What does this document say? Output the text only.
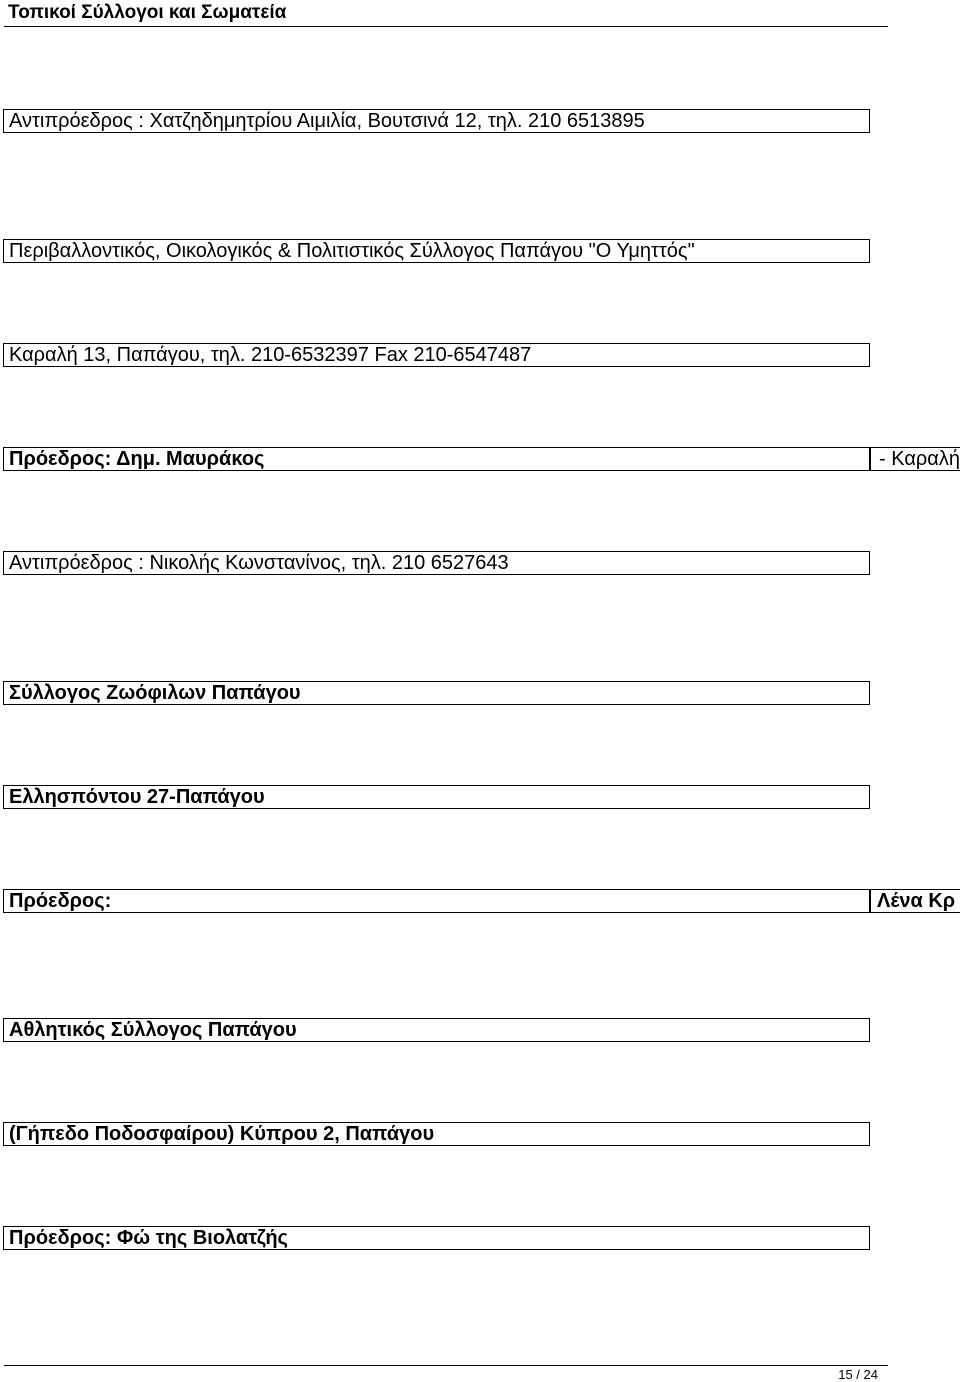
Τοπικοί Σύλλογοι και Σωματεία
Αντιπρόεδρος : Χατζηδημητρίου Αιμιλία, Βουτσινά 12, τηλ. 210 6513895
Περιβαλλοντικός, Οικολογικός & Πολιτιστικός Σύλλογος Παπάγου "Ο Υμηττός"
Καραλή 13, Παπάγου, τηλ. 210-6532397 Fax 210-6547487
Πρόεδρος: Δημ. Μαυράκος	- Καραλή
Αντιπρόεδρος : Νικολής Κωνστανίνος, τηλ. 210 6527643
Σύλλογος Ζωόφιλων Παπάγου
Ελλησπόντου 27-Παπάγου
Πρόεδρος:	Λένα Κρ
Αθλητικός Σύλλογος Παπάγου
(Γήπεδο Ποδοσφαίρου) Κύπρου 2, Παπάγου
Πρόεδρος: Φώ της Βιολατζής
15 / 24
